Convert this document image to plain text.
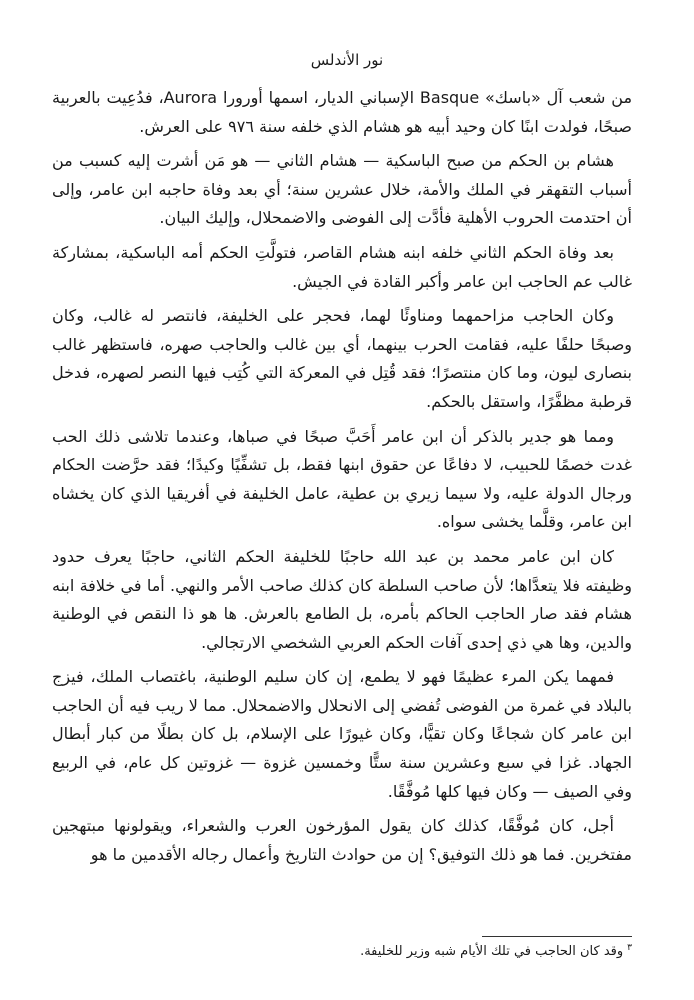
نور الأندلس

من شعب آل «باسك» Basque الإسباني الديار، اسمها أورورا Aurora، فدُعِيت بالعربية صبحًا، فولدت ابنًا كان وحيد أبيه هو هشام الذي خلفه سنة ٩٧٦ على العرش.

هشام بن الحكم من صبح الباسكية — هشام الثاني — هو مَن أشرت إليه كسبب من أسباب التقهقر في الملك والأمة، خلال عشرين سنة؛ أي بعد وفاة حاجبه ابن عامر، وإلى أن احتدمت الحروب الأهلية فأدَّت إلى الفوضى والاضمحلال، وإليك البيان.

بعد وفاة الحكم الثاني خلفه ابنه هشام القاصر، فتولَّتِ الحكم أمه الباسكية، بمشاركة غالب عم الحاجب ابن عامر وأكبر القادة في الجيش.

وكان الحاجب مزاحمهما ومناوئًا لهما، فحجر على الخليفة، فانتصر له غالب، وكان وصبحًا حلفًا عليه، فقامت الحرب بينهما، أي بين غالب والحاجب صهره، فاستظهر غالب بنصارى ليون، وما كان منتصرًا؛ فقد قُتِل في المعركة التي كُتِب فيها النصر لصهره، فدخل قرطبة مظفَّرًا، واستقل بالحكم.

ومما هو جدير بالذكر أن ابن عامر أَحَبَّ صبحًا في صباها، وعندما تلاشى ذلك الحب غدت خصمًا للحبيب، لا دفاعًا عن حقوق ابنها فقط، بل تشفِّيًا وكيدًا؛ فقد حرَّضت الحكام ورجال الدولة عليه، ولا سيما زيري بن عطية، عامل الخليفة في أفريقيا الذي كان يخشاه ابن عامر، وقلَّما يخشى سواه.

كان ابن عامر محمد بن عبد الله حاجبًا للخليفة الحكم الثاني، حاجبًا يعرف حدود وظيفته فلا يتعدَّاها؛ لأن صاحب السلطة كان كذلك صاحب الأمر والنهي. أما في خلافة ابنه هشام فقد صار الحاجب الحاكم بأمره، بل الطامع بالعرش. ها هو ذا النقص في الوطنية والدين، وها هي ذي إحدى آفات الحكم العربي الشخصي الارتجالي.

فمهما يكن المرء عظيمًا فهو لا يطمع، إن كان سليم الوطنية، باغتصاب الملك، فيزج بالبلاد في غمرة من الفوضى تُفضي إلى الانحلال والاضمحلال. مما لا ريب فيه أن الحاجب ابن عامر كان شجاعًا وكان تقيًّا، وكان غيورًا على الإسلام، بل كان بطلًا من كبار أبطال الجهاد. غزا في سبع وعشرين سنة ستًّا وخمسين غزوة — غزوتين كل عام، في الربيع وفي الصيف — وكان فيها كلها مُوفَّقًا.

أجل، كان مُوفَّقًا، كذلك كان يقول المؤرخون العرب والشعراء، ويقولونها مبتهجين مفتخرين. فما هو ذلك التوفيق؟ إن من حوادث التاريخ وأعمال رجاله الأقدمين ما هو

$^٣$وقد كان الحاجب في تلك الأيام شبه وزير للخليفة.
